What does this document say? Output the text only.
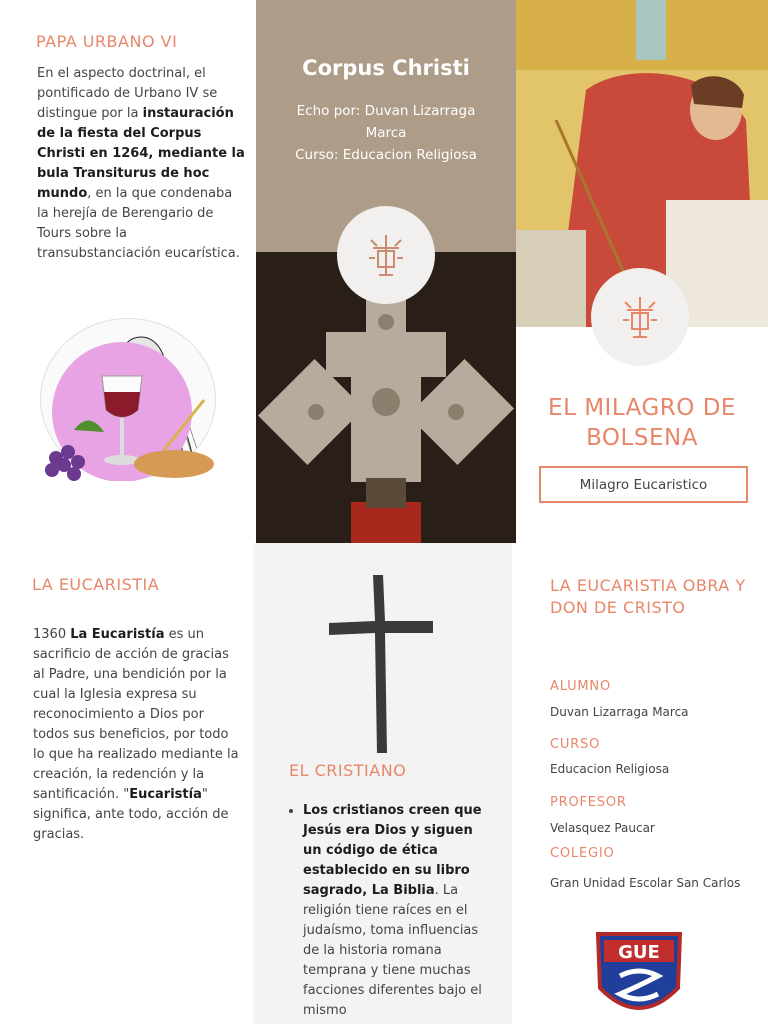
PAPA URBANO VI
En el aspecto doctrinal, el pontificado de Urbano IV se distingue por la instauración de la fiesta del Corpus Christi en 1264, mediante la bula Transiturus de hoc mundo, en la que condenaba la herejía de Berengario de Tours sobre la transubstanciación eucarística.
Corpus Christi
Echo por: Duvan Lizarraga Marca
Curso: Educacion Religiosa
EL MILAGRO DE BOLSENA
Milagro Eucaristico
LA EUCARISTIA
1360 La Eucaristía es un sacrificio de acción de gracias al Padre, una bendición por la cual la Iglesia expresa su reconocimiento a Dios por todos sus beneficios, por todo lo que ha realizado mediante la creación, la redención y la santificación. "Eucaristía" significa, ante todo, acción de gracias.
EL CRISTIANO
• Los cristianos creen que Jesús era Dios y siguen un código de ética establecido en su libro sagrado, La Biblia. La religión tiene raíces en el judaísmo, toma influencias de la historia romana temprana y tiene muchas facciones diferentes bajo el mismo
LA EUCARISTIA OBRA Y DON DE CRISTO
ALUMNO
Duvan Lizarraga Marca
CURSO
Educacion Religiosa
PROFESOR
Velasquez Paucar
COLEGIO
Gran Unidad Escolar San Carlos
GUE
